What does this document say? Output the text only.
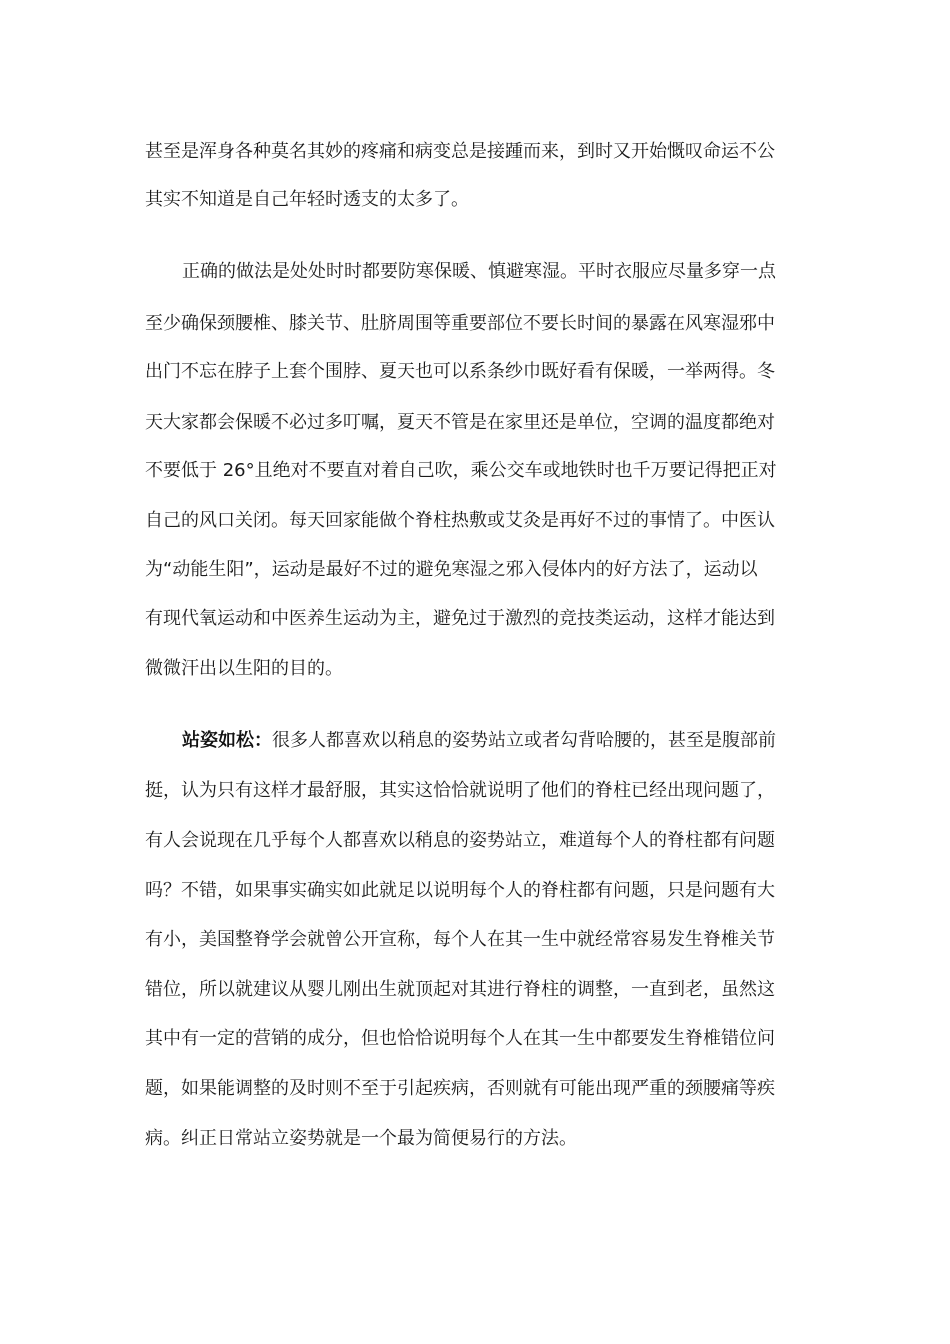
甚至是浑身各种莫名其妙的疼痛和病变总是接踵而来，到时又开始慨叹命运不公
其实不知道是自己年轻时透支的太多了。
正确的做法是处处时时都要防寒保暖、慎避寒湿。平时衣服应尽量多穿一点
至少确保颈腰椎、膝关节、肚脐周围等重要部位不要长时间的暴露在风寒湿邪中
出门不忘在脖子上套个围脖、夏天也可以系条纱巾既好看有保暖，一举两得。冬
天大家都会保暖不必过多叮嘱，夏天不管是在家里还是单位，空调的温度都绝对
不要低于 26°且绝对不要直对着自己吹，乘公交车或地铁时也千万要记得把正对
自己的风口关闭。每天回家能做个脊柱热敷或艾灸是再好不过的事情了。中医认
为“动能生阳”，运动是最好不过的避免寒湿之邪入侵体内的好方法了，运动以
有现代氧运动和中医养生运动为主，避免过于激烈的竞技类运动，这样才能达到
微微汗出以生阳的目的。
站姿如松：很多人都喜欢以稍息的姿势站立或者勾背哈腰的，甚至是腹部前
挺，认为只有这样才最舒服，其实这恰恰就说明了他们的脊柱已经出现问题了，
有人会说现在几乎每个人都喜欢以稍息的姿势站立，难道每个人的脊柱都有问题
吗？不错，如果事实确实如此就足以说明每个人的脊柱都有问题，只是问题有大
有小，美国整脊学会就曾公开宣称，每个人在其一生中就经常容易发生脊椎关节
错位，所以就建议从婴儿刚出生就顶起对其进行脊柱的调整，一直到老，虽然这
其中有一定的营销的成分，但也恰恰说明每个人在其一生中都要发生脊椎错位问
题，如果能调整的及时则不至于引起疾病，否则就有可能出现严重的颈腰痛等疾
病。纠正日常站立姿势就是一个最为简便易行的方法。
